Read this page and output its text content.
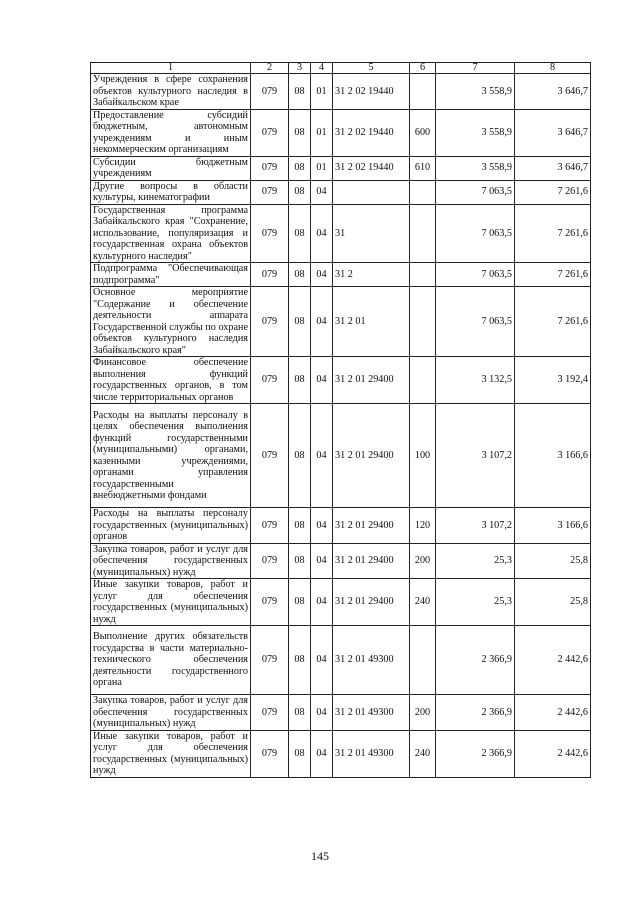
1	2	3	4	5	6	7	8
Учреждения в сфере сохранения объектов культурного наследия в Забайкальском крае	079	08	01	31 2 02 19440		3 558,9	3 646,7
Предоставление субсидий бюджетным, автономным учреждениям и иным некоммерческим организациям	079	08	01	31 2 02 19440	600	3 558,9	3 646,7
Субсидии бюджетным учреждениям	079	08	01	31 2 02 19440	610	3 558,9	3 646,7
Другие вопросы в области культуры, кинематографии	079	08	04			7 063,5	7 261,6
Государственная программа Забайкальского края "Сохранение, использование, популяризация и государственная охрана объектов культурного наследия"	079	08	04	31		7 063,5	7 261,6
Подпрограмма "Обеспечивающая подпрограмма"	079	08	04	31 2		7 063,5	7 261,6
Основное мероприятие "Содержание и обеспечение деятельности аппарата Государственной службы по охране объектов культурного наследия Забайкальского края"	079	08	04	31 2 01		7 063,5	7 261,6
Финансовое обеспечение выполнения функций государственных органов, в том числе территориальных органов	079	08	04	31 2 01 29400		3 132,5	3 192,4
Расходы на выплаты персоналу в целях обеспечения выполнения функций государственными (муниципальными) органами, казенными учреждениями, органами управления государственными внебюджетными фондами	079	08	04	31 2 01 29400	100	3 107,2	3 166,6
Расходы на выплаты персоналу государственных (муниципальных) органов	079	08	04	31 2 01 29400	120	3 107,2	3 166,6
Закупка товаров, работ и услуг для обеспечения государственных (муниципальных) нужд	079	08	04	31 2 01 29400	200	25,3	25,8
Иные закупки товаров, работ и услуг для обеспечения государственных (муниципальных) нужд	079	08	04	31 2 01 29400	240	25,3	25,8
Выполнение других обязательств государства в части материально-технического обеспечения деятельности государственного органа	079	08	04	31 2 01 49300		2 366,9	2 442,6
Закупка товаров, работ и услуг для обеспечения государственных (муниципальных) нужд	079	08	04	31 2 01 49300	200	2 366,9	2 442,6
Иные закупки товаров, работ и услуг для обеспечения государственных (муниципальных) нужд	079	08	04	31 2 01 49300	240	2 366,9	2 442,6
145
